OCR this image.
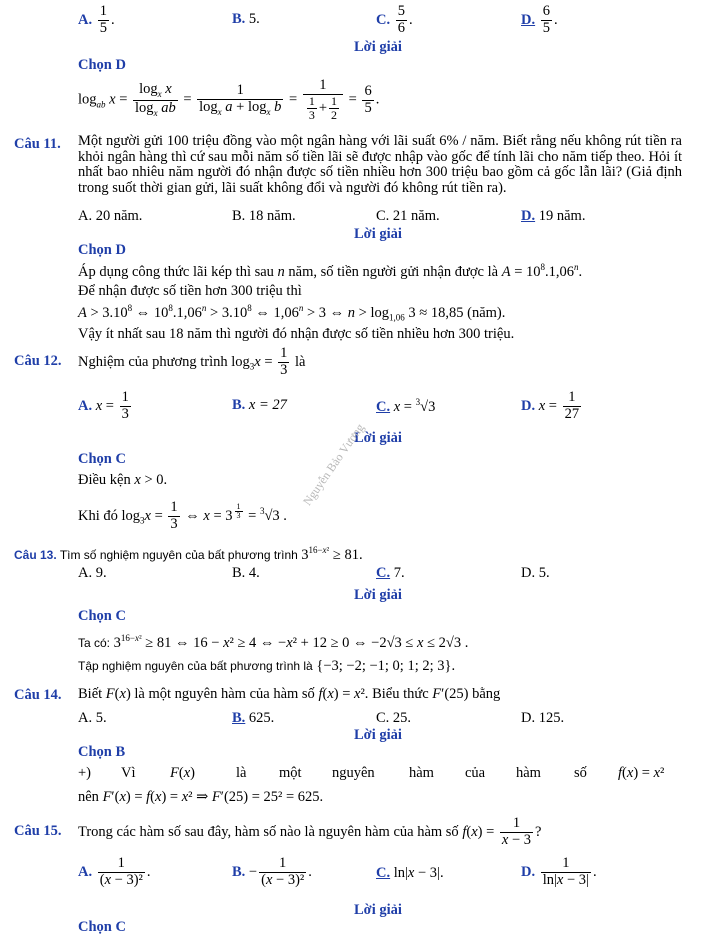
A. $\frac{1}{5}$ .	B. 5.	C. $\frac{5}{6}$ .	D. $\frac{6}{5}$ .
Lời giải
Chọn D
$\log_{ab} x = \frac{\log_x x}{\log_x ab} = \frac{1}{\log_x a + \log_x b} = \frac{1}{\frac{1}{3} + \frac{1}{2}} = \frac{6}{5}$ .
Câu 11. Một người gửi 100 triệu đồng vào một ngân hàng với lãi suất 6% / năm. Biết rằng nếu không rút tiền ra khỏi ngân hàng thì cứ sau mỗi năm số tiền lãi sẽ được nhập vào gốc để tính lãi cho năm tiếp theo. Hỏi ít nhất bao nhiêu năm người đó nhận được số tiền nhiều hơn 300 triệu bao gồm cả gốc lẫn lãi? (Giả định trong suốt thời gian gửi, lãi suất không đổi và người đó không rút tiền ra).
A. 20 năm.	B. 18 năm.	C. 21 năm.	D. 19 năm.
Lời giải
Chọn D
Áp dụng công thức lãi kép thì sau n năm, số tiền người gửi nhận được là $A = 10^8.1,06^n$.
Để nhận được số tiền hơn 300 triệu thì
$A > 3.10^8$ ⇔ $10^8.1,06^n > 3.10^8$ ⇔ $1,06^n > 3$ ⇔ $n > \log_{1,06} 3 \approx 18,85$ (năm).
Vậy ít nhất sau 18 năm thì người đó nhận được số tiền nhiều hơn 300 triệu.
Câu 12. Nghiệm của phương trình $\log_3x = \frac{1}{3}$ là
A. $x = \frac{1}{3}$	B. x = 27	C. x = $^3$√3	D. $x = \frac{1}{27}$
Lời giải
Chọn C
Điều kện x > 0.
Khi đó $\log_3x = \frac{1}{3}$ ⇔ x = 3 $^{\frac{1}{3}}$ = $^3$√3 .
Câu 13. Tìm số nghiệm nguyên của bất phương trình $3^{16-x^2} \ge 81$.
A. 9.	B. 4.	C. 7.	D. 5.
Lời giải
Chọn C
Ta có: $3^{16-x^2} \ge 81$ ⇔ 16 − x² ≥ 4 ⇔ −x² + 12 ≥ 0 ⇔ −2√3 ≤ x ≤ 2√3 .
Tập nghiệm nguyên của bất phương trình là {−3; −2; −1; 0; 1; 2; 3}.
Câu 14. Biết F(x) là một nguyên hàm của hàm số f(x) = x². Biểu thức F′(25) bằng
A. 5.	B. 625.	C. 25.	D. 125.
Lời giải
Chọn B
+) Vì F(x)	là một nguyên hàm của hàm số f(x) = x²
nên F′(x) = f(x) = x² ⇒ F′(25) = 25² = 625.
Câu 15. Trong các hàm số sau đây, hàm số nào là nguyên hàm của hàm số $f(x) = \frac{1}{x - 3}$ ?
A. $\frac{1}{\text{(x − 3)²}}$ .	B. − $\frac{1}{\text{(x − 3)²}}$ .	C. ln|x − 3|.	D. $\frac{1}{\ln|x - 3|}$ .
Lời giải
Chọn C
Nguyễn Bảo Vương
